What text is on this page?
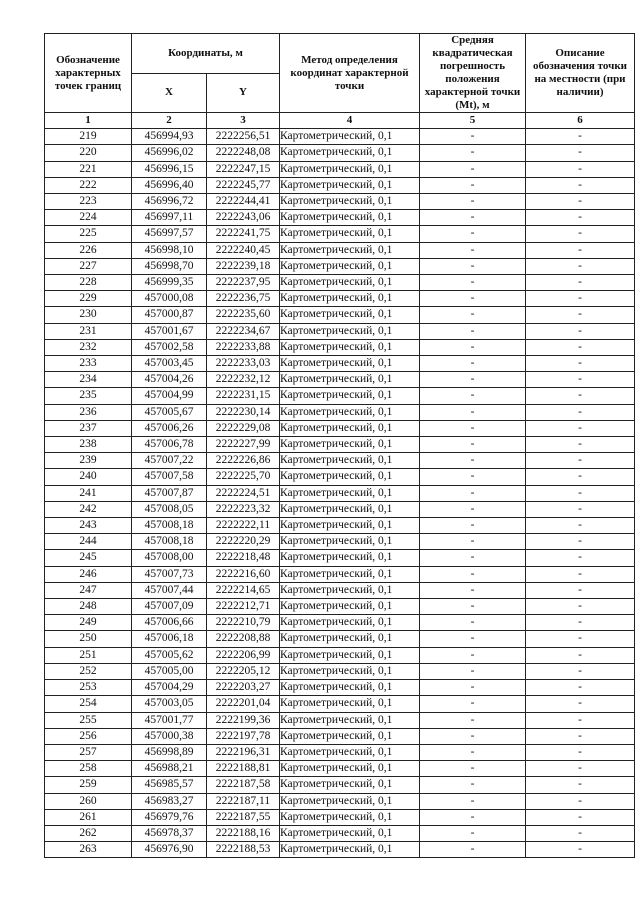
Обозначение характерных точек границ	Координаты, м		Метод определения координат характерной точки	Средняя квадратическая погрешность положения характерной точки (Mt), м	Описание обозначения точки на местности (при наличии)
	X	Y			
1	2	3	4	5	6
219	456994,93	2222256,51	Картометрический, 0,1	-	-
220	456996,02	2222248,08	Картометрический, 0,1	-	-
221	456996,15	2222247,15	Картометрический, 0,1	-	-
222	456996,40	2222245,77	Картометрический, 0,1	-	-
223	456996,72	2222244,41	Картометрический, 0,1	-	-
224	456997,11	2222243,06	Картометрический, 0,1	-	-
225	456997,57	2222241,75	Картометрический, 0,1	-	-
226	456998,10	2222240,45	Картометрический, 0,1	-	-
227	456998,70	2222239,18	Картометрический, 0,1	-	-
228	456999,35	2222237,95	Картометрический, 0,1	-	-
229	457000,08	2222236,75	Картометрический, 0,1	-	-
230	457000,87	2222235,60	Картометрический, 0,1	-	-
231	457001,67	2222234,67	Картометрический, 0,1	-	-
232	457002,58	2222233,88	Картометрический, 0,1	-	-
233	457003,45	2222233,03	Картометрический, 0,1	-	-
234	457004,26	2222232,12	Картометрический, 0,1	-	-
235	457004,99	2222231,15	Картометрический, 0,1	-	-
236	457005,67	2222230,14	Картометрический, 0,1	-	-
237	457006,26	2222229,08	Картометрический, 0,1	-	-
238	457006,78	2222227,99	Картометрический, 0,1	-	-
239	457007,22	2222226,86	Картометрический, 0,1	-	-
240	457007,58	2222225,70	Картометрический, 0,1	-	-
241	457007,87	2222224,51	Картометрический, 0,1	-	-
242	457008,05	2222223,32	Картометрический, 0,1	-	-
243	457008,18	2222222,11	Картометрический, 0,1	-	-
244	457008,18	2222220,29	Картометрический, 0,1	-	-
245	457008,00	2222218,48	Картометрический, 0,1	-	-
246	457007,73	2222216,60	Картометрический, 0,1	-	-
247	457007,44	2222214,65	Картометрический, 0,1	-	-
248	457007,09	2222212,71	Картометрический, 0,1	-	-
249	457006,66	2222210,79	Картометрический, 0,1	-	-
250	457006,18	2222208,88	Картометрический, 0,1	-	-
251	457005,62	2222206,99	Картометрический, 0,1	-	-
252	457005,00	2222205,12	Картометрический, 0,1	-	-
253	457004,29	2222203,27	Картометрический, 0,1	-	-
254	457003,05	2222201,04	Картометрический, 0,1	-	-
255	457001,77	2222199,36	Картометрический, 0,1	-	-
256	457000,38	2222197,78	Картометрический, 0,1	-	-
257	456998,89	2222196,31	Картометрический, 0,1	-	-
258	456988,21	2222188,81	Картометрический, 0,1	-	-
259	456985,57	2222187,58	Картометрический, 0,1	-	-
260	456983,27	2222187,11	Картометрический, 0,1	-	-
261	456979,76	2222187,55	Картометрический, 0,1	-	-
262	456978,37	2222188,16	Картометрический, 0,1	-	-
263	456976,90	2222188,53	Картометрический, 0,1	-	-
